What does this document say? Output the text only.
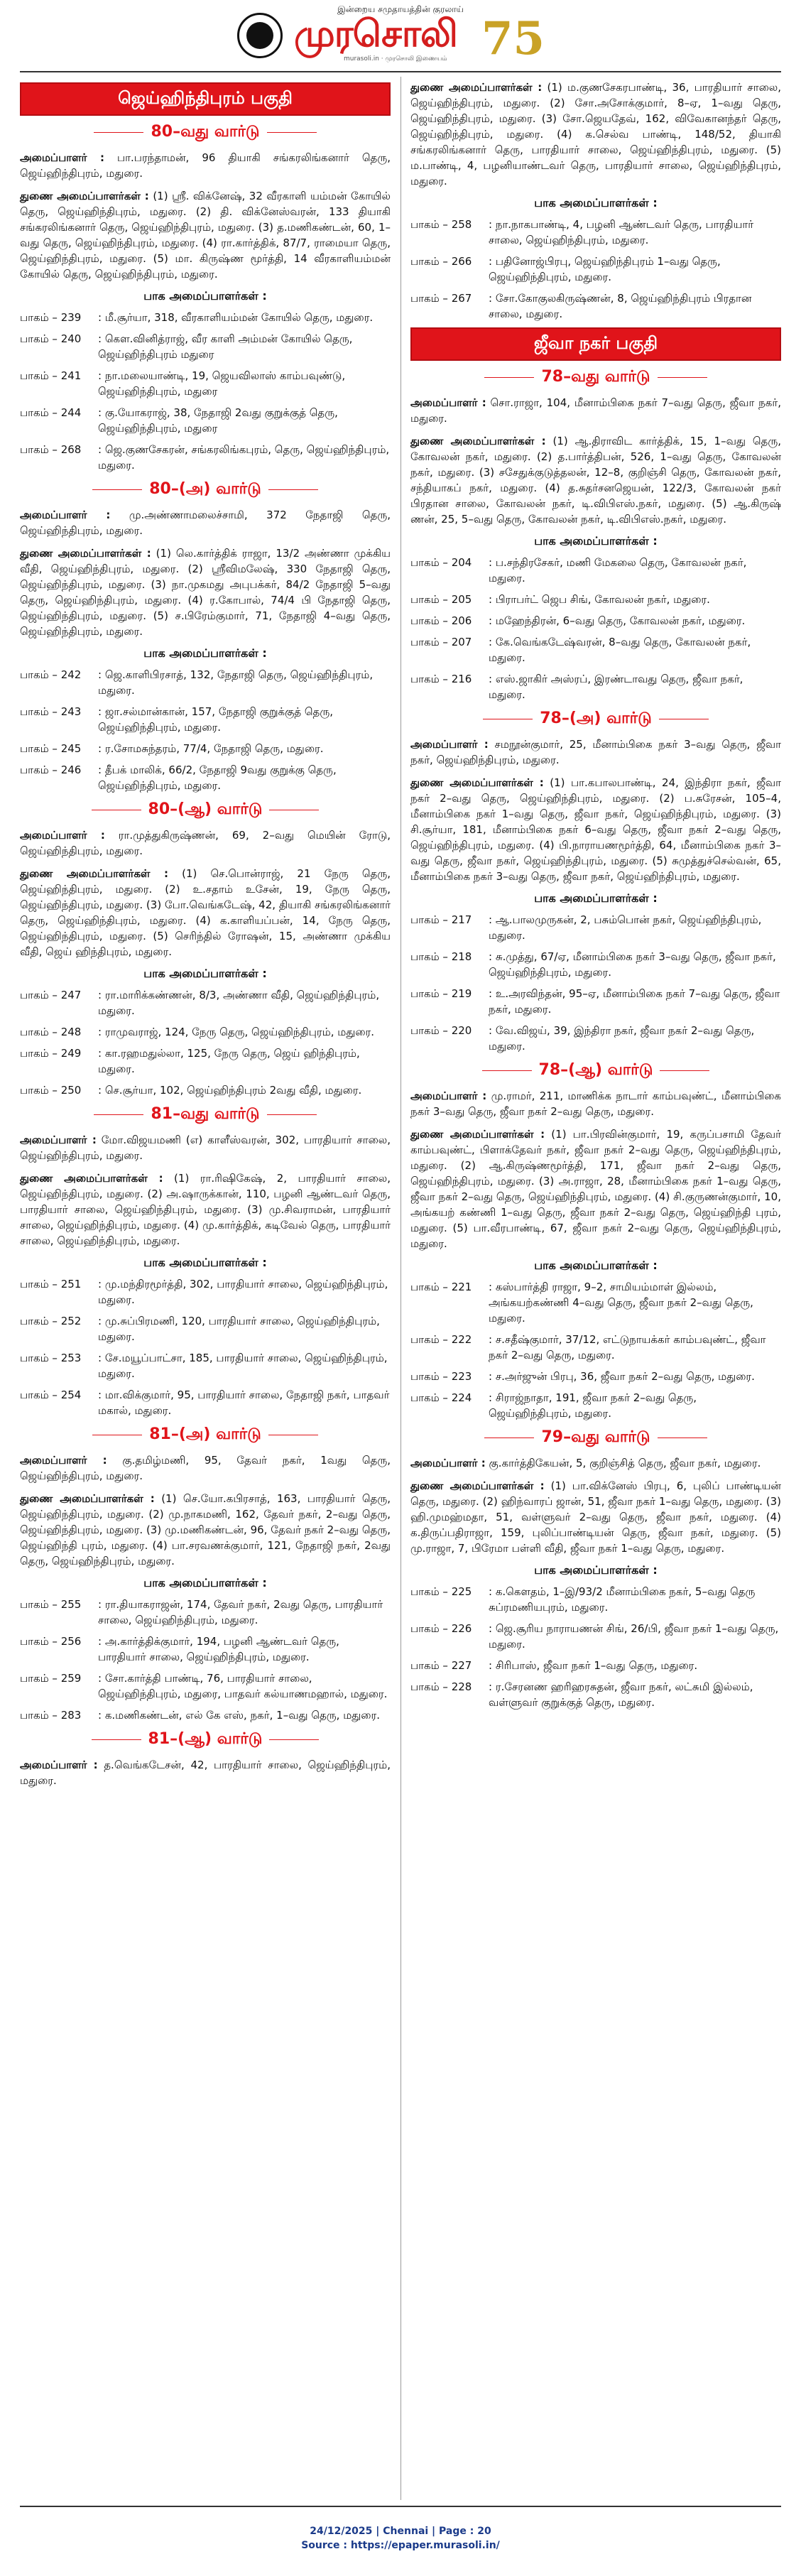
இன்றைய சமுதாயத்தின் குரலாய்
முரசொலி
murasoli.in · முரசொலி இணையம் 75
ஜெய்ஹிந்திபுரம் பகுதி
80–வது வார்டு
அமைப்பாளர் : பா.பரந்தாமன், 96 தியாகி சங்கரலிங்கனார் தெரு, ஜெய்ஹிந்திபுரம், மதுரை.
துணை அமைப்பாளர்கள் : (1) ஸ்ரீ. விக்னேஷ், 32 வீரகாளி யம்மன் கோயில் தெரு, ஜெய்ஹிந்திபுரம், மதுரை. (2) தி. விக்னேஸ்வரன், 133 தியாகி சங்கரலிங்கனார் தெரு, ஜெய்ஹிந்திபுரம், மதுரை. (3) த.மணிகண்டன், 60, 1–வது தெரு, ஜெய்ஹிந்திபுரம், மதுரை. (4) ரா.கார்த்திக், 87/7, ராமையா தெரு, ஜெய்ஹிந்திபுரம், மதுரை. (5) மா. கிருஷ்ண மூர்த்தி, 14 வீரகாளியம்மன் கோயில் தெரு, ஜெய்ஹிந்திபுரம், மதுரை.
பாக அமைப்பாளர்கள் :
பாகம் – 239	: மீ.சூர்யா, 318, வீரகாளியம்மன் கோயில் தெரு, மதுரை.
பாகம் – 240	: கௌ.வினித்ராஜ், வீர காளி அம்மன் கோயில் தெரு, ஜெய்ஹிந்திபுரம் மதுரை
பாகம் – 241	: நா.மலையாண்டி, 19, ஜெயவிலாஸ் காம்பவுண்டு, ஜெய்ஹிந்திபுரம், மதுரை
பாகம் – 244	: கு.யோகராஜ், 38, நேதாஜி 2வது குறுக்குத் தெரு, ஜெய்ஹிந்திபுரம், மதுரை
பாகம் – 268	: ஜெ.குணசேகரன், சங்கரலிங்கபுரம், தெரு, ஜெய்ஹிந்திபுரம், மதுரை.
80–(அ) வார்டு
அமைப்பாளர் : மு.அண்ணாமலைச்சாமி, 372 நேதாஜி தெரு, ஜெய்ஹிந்திபுரம், மதுரை.
துணை அமைப்பாளர்கள் : (1) லெ.கார்த்திக் ராஜா, 13/2 அண்ணா முக்கிய வீதி, ஜெய்ஹிந்திபுரம், மதுரை. (2) ஸ்ரீவிமலேஷ், 330 நேதாஜி தெரு, ஜெய்ஹிந்திபுரம், மதுரை. (3) நா.முகமது அபுபக்கர், 84/2 நேதாஜி 5–வது தெரு, ஜெய்ஹிந்திபுரம், மதுரை. (4) ர.கோபால், 74/4 பி நேதாஜி தெரு, ஜெய்ஹிந்திபுரம், மதுரை. (5) ச.பிரேம்குமார், 71, நேதாஜி 4–வது தெரு, ஜெய்ஹிந்திபுரம், மதுரை.
பாக அமைப்பாளர்கள் :
பாகம் – 242	: ஜெ.காளிபிரசாத், 132, நேதாஜி தெரு, ஜெய்ஹிந்திபுரம், மதுரை.
பாகம் – 243	: ஜா.சல்மான்கான், 157, நேதாஜி குறுக்குத் தெரு, ஜெய்ஹிந்திபுரம், மதுரை.
பாகம் – 245	: ர.சோமசுந்தரம், 77/4, நேதாஜி தெரு, மதுரை.
பாகம் – 246	: தீபக் மாலிக், 66/2, நேதாஜி 9வது குறுக்கு தெரு, ஜெய்ஹிந்திபுரம், மதுரை.
80–(ஆ) வார்டு
அமைப்பாளர் : ரா.முத்துகிருஷ்ணன், 69, 2–வது மெயின் ரோடு, ஜெய்ஹிந்திபுரம், மதுரை.
துணை அமைப்பாளர்கள் : (1) செ.பொன்ராஜ், 21 நேரு தெரு, ஜெய்ஹிந்திபுரம், மதுரை. (2) உ.சதாம் உசேன், 19, நேரு தெரு, ஜெய்ஹிந்திபுரம், மதுரை. (3) போ.வெங்கடேஷ், 42, தியாகி சங்கரலிங்கனார் தெரு, ஜெய்ஹிந்திபுரம், மதுரை. (4) க.காளியப்பன், 14, நேரு தெரு, ஜெய்ஹிந்திபுரம், மதுரை. (5) செரிந்தில் ரோஷன், 15, அண்ணா முக்கிய வீதி, ஜெய் ஹிந்திபுரம், மதுரை.
பாக அமைப்பாளர்கள் :
பாகம் – 247	: ரா.மாரிக்கண்ணன், 8/3, அண்ணா வீதி, ஜெய்ஹிந்திபுரம், மதுரை.
பாகம் – 248	: ராமுவராஜ், 124, நேரு தெரு, ஜெய்ஹிந்திபுரம், மதுரை.
பாகம் – 249	: கா.ரஹமதுல்லா, 125, நேரு தெரு, ஜெய் ஹிந்திபுரம், மதுரை.
பாகம் – 250	: செ.சூர்யா, 102, ஜெய்ஹிந்திபுரம் 2வது வீதி, மதுரை.
81–வது வார்டு
அமைப்பாளர் : மோ.விஜயமணி (எ) காளீஸ்வரன், 302, பாரதியார் சாலை, ஜெய்ஹிந்திபுரம், மதுரை.
துணை அமைப்பாளர்கள் : (1) ரா.ரிஷிகேஷ், 2, பாரதியார் சாலை, ஜெய்ஹிந்திபுரம், மதுரை. (2) அ.ஷாருக்கான், 110, பழனி ஆண்டவர் தெரு, பாரதியார் சாலை, ஜெய்ஹிந்திபுரம், மதுரை. (3) மு.சிவராமன், பாரதியார் சாலை, ஜெய்ஹிந்திபுரம், மதுரை. (4) மு.கார்த்திக், கடிவேல் தெரு, பாரதியார் சாலை, ஜெய்ஹிந்திபுரம், மதுரை.
பாக அமைப்பாளர்கள் :
பாகம் – 251	: மு.மந்திரமூர்த்தி, 302, பாரதியார் சாலை, ஜெய்ஹிந்திபுரம், மதுரை.
பாகம் – 252	: மு.சுப்பிரமணி, 120, பாரதியார் சாலை, ஜெய்ஹிந்திபுரம், மதுரை.
பாகம் – 253	: சே.மயூப்பாட்சா, 185, பாரதியார் சாலை, ஜெய்ஹிந்திபுரம், மதுரை.
பாகம் – 254	: மா.விக்குமார், 95, பாரதியார் சாலை, நேதாஜி நகர், பாதவர் மகால், மதுரை.
81–(அ) வார்டு
அமைப்பாளர் : கு.தமிழ்மணி, 95, தேவர் நகர், 1வது தெரு, ஜெய்ஹிந்திபுரம், மதுரை.
துணை அமைப்பாளர்கள் : (1) செ.யோ.கபிரசாத், 163, பாரதியார் தெரு, ஜெய்ஹிந்திபுரம், மதுரை. (2) மு.நாகமணி, 162, தேவர் நகர், 2–வது தெரு, ஜெய்ஹிந்திபுரம், மதுரை. (3) மு.மணிகண்டன், 96, தேவர் நகர் 2–வது தெரு, ஜெய்ஹிந்தி புரம், மதுரை. (4) பா.சரவணக்குமார், 121, நேதாஜி நகர், 2வது தெரு, ஜெய்ஹிந்திபுரம், மதுரை.
பாக அமைப்பாளர்கள் :
பாகம் – 255	: ரா.தியாகராஜன், 174, தேவர் நகர், 2வது தெரு, பாரதியார் சாலை, ஜெய்ஹிந்திபுரம், மதுரை.
பாகம் – 256	: அ.கார்த்திக்குமார், 194, பழனி ஆண்டவர் தெரு, பாரதியார் சாலை, ஜெய்ஹிந்திபுரம், மதுரை.
பாகம் – 259	: சோ.கார்த்தி பாண்டி, 76, பாரதியார் சாலை, ஜெய்ஹிந்திபுரம், மதுரை, பாதவர் கல்யாணமஹால், மதுரை.
பாகம் – 283	: க.மணிகண்டன், எல் கே எஸ், நகர், 1–வது தெரு, மதுரை.
81–(ஆ) வார்டு
அமைப்பாளர் : த.வெங்கடேசன், 42, பாரதியார் சாலை, ஜெய்ஹிந்திபுரம், மதுரை.
துணை அமைப்பாளர்கள் : (1) ம.குணசேகரபாண்டி, 36, பாரதியார் சாலை, ஜெய்ஹிந்திபுரம், மதுரை. (2) சோ.அசோக்குமார், 8–ஏ, 1–வது தெரு, ஜெய்ஹிந்திபுரம், மதுரை. (3) சோ.ஜெயதேவ், 162, விவேகானந்தர் தெரு, ஜெய்ஹிந்திபுரம், மதுரை. (4) க.செல்வ பாண்டி, 148/52, தியாகி சங்கரலிங்கனார் தெரு, பாரதியார் சாலை, ஜெய்ஹிந்திபுரம், மதுரை. (5) ம.பாண்டி, 4, பழனியாண்டவர் தெரு, பாரதியார் சாலை, ஜெய்ஹிந்திபுரம், மதுரை.
பாக அமைப்பாளர்கள் :
பாகம் – 258	: நா.நாகபாண்டி, 4, பழனி ஆண்டவர் தெரு, பாரதியார் சாலை, ஜெய்ஹிந்திபுரம், மதுரை.
பாகம் – 266	: பதினோஜ்பிரபு, ஜெய்ஹிந்திபுரம் 1–வது தெரு, ஜெய்ஹிந்திபுரம், மதுரை.
பாகம் – 267	: சோ.கோகுலகிருஷ்ணன், 8, ஜெய்ஹிந்திபுரம் பிரதான சாலை, மதுரை.
ஜீவா நகர் பகுதி
78–வது வார்டு
அமைப்பாளர் : சொ.ராஜா, 104, மீனாம்பிகை நகர் 7–வது தெரு, ஜீவா நகர், மதுரை.
துணை அமைப்பாளர்கள் : (1) ஆ.திராவிட கார்த்திக், 15, 1–வது தெரு, கோவலன் நகர், மதுரை. (2) த.பார்த்திபன், 526, 1–வது தெரு, கோவலன் நகர், மதுரை. (3) சசேதுக்குடுத்தலன், 12–8, குறிஞ்சி தெரு, கோவலன் நகர், சந்தியாகப் நகர், மதுரை. (4) த.சுதர்சனஜெயன், 122/3, கோவலன் நகர் பிரதான சாலை, கோவலன் நகர், டி.விபிஎஸ்.நகர், மதுரை. (5) ஆ.கிருஷ் ணன், 25, 5–வது தெரு, கோவலன் நகர், டி.விபிஎஸ்.நகர், மதுரை.
பாக அமைப்பாளர்கள் :
பாகம் – 204	: ப.சந்திரசேகர், மணி மேகலை தெரு, கோவலன் நகர், மதுரை.
பாகம் – 205	: பிராபர்ட் ஜெப சிங், கோவலன் நகர், மதுரை.
பாகம் – 206	: மஹேந்திரன், 6–வது தெரு, கோவலன் நகர், மதுரை.
பாகம் – 207	: கே.வெங்கடேஷ்வரன், 8–வது தெரு, கோவலன் நகர், மதுரை.
பாகம் – 216	: எஸ்.ஜாகிர் அஸ்ரப், இரண்டாவது தெரு, ஜீவா நகர், மதுரை.
78–(அ) வார்டு
அமைப்பாளர் : சமநூன்குமார், 25, மீனாம்பிகை நகர் 3–வது தெரு, ஜீவா நகர், ஜெய்ஹிந்திபுரம், மதுரை.
துணை அமைப்பாளர்கள் : (1) பா.கபாலபாண்டி, 24, இந்திரா நகர், ஜீவா நகர் 2–வது தெரு, ஜெய்ஹிந்திபுரம், மதுரை. (2) ப.சுரேசன், 105–4, மீனாம்பிகை நகர் 1–வது தெரு, ஜீவா நகர், ஜெய்ஹிந்திபுரம், மதுரை. (3) சி.சூர்யா, 181, மீனாம்பிகை நகர் 6–வது தெரு, ஜீவா நகர் 2–வது தெரு, ஜெய்ஹிந்திபுரம், மதுரை. (4) பி.நாராயணமூர்த்தி, 64, மீனாம்பிகை நகர் 3–வது தெரு, ஜீவா நகர், ஜெய்ஹிந்திபுரம், மதுரை. (5) சுமுத்துச்செல்வன், 65, மீனாம்பிகை நகர் 3–வது தெரு, ஜீவா நகர், ஜெய்ஹிந்திபுரம், மதுரை.
பாக அமைப்பாளர்கள் :
பாகம் – 217	: ஆ.பாலமுருகன், 2, பசும்பொன் நகர், ஜெய்ஹிந்திபுரம், மதுரை.
பாகம் – 218	: சு.முத்து, 67/ஏ, மீனாம்பிகை நகர் 3–வது தெரு, ஜீவா நகர், ஜெய்ஹிந்திபுரம், மதுரை.
பாகம் – 219	: உ.அரவிந்தன், 95–ஏ, மீனாம்பிகை நகர் 7–வது தெரு, ஜீவா நகர், மதுரை.
பாகம் – 220	: வே.விஜய், 39, இந்திரா நகர், ஜீவா நகர் 2–வது தெரு, மதுரை.
78–(ஆ) வார்டு
அமைப்பாளர் : மு.ராமர், 211, மாணிக்க நாடார் காம்பவுண்ட், மீனாம்பிகை நகர் 3–வது தெரு, ஜீவா நகர் 2–வது தெரு, மதுரை.
துணை அமைப்பாளர்கள் : (1) பா.பிரவின்குமார், 19, கருப்பசாமி தேவர் காம்பவுண்ட், பிளாக்தேவர் நகர், ஜீவா நகர் 2–வது தெரு, ஜெய்ஹிந்திபுரம், மதுரை. (2) ஆ.கிருஷ்ணமூர்த்தி, 171, ஜீவா நகர் 2–வது தெரு, ஜெய்ஹிந்திபுரம், மதுரை. (3) அ.ராஜா, 28, மீனாம்பிகை நகர் 1–வது தெரு, ஜீவா நகர் 2–வது தெரு, ஜெய்ஹிந்திபுரம், மதுரை. (4) சி.குருணன்குமார், 10, அங்கயற் கண்ணி 1–வது தெரு, ஜீவா நகர் 2–வது தெரு, ஜெய்ஹிந்தி புரம், மதுரை. (5) பா.வீரபாண்டி, 67, ஜீவா நகர் 2–வது தெரு, ஜெய்ஹிந்திபுரம், மதுரை.
பாக அமைப்பாளர்கள் :
பாகம் – 221	: கஸ்பார்த்தி ராஜா, 9–2, சாமியம்மாள் இல்லம், அங்கயற்கண்ணி 4–வது தெரு, ஜீவா நகர் 2–வது தெரு, மதுரை.
பாகம் – 222	: ச.சதீஷ்குமார், 37/12, எட்டுநாயக்கர் காம்பவுண்ட், ஜீவா நகர் 2–வது தெரு, மதுரை.
பாகம் – 223	: ச.அர்ஜுன் பிரபு, 36, ஜீவா நகர் 2–வது தெரு, மதுரை.
பாகம் – 224	: சிராஜ்நாதா, 191, ஜீவா நகர் 2–வது தெரு, ஜெய்ஹிந்திபுரம், மதுரை.
79–வது வார்டு
அமைப்பாளர் : கு.கார்த்திகேயன், 5, குறிஞ்சித் தெரு, ஜீவா நகர், மதுரை.
துணை அமைப்பாளர்கள் : (1) பா.விக்னேஸ் பிரபு, 6, புலிப் பாண்டியன் தெரு, மதுரை. (2) ஹிந்வாரப் ஜான், 51, ஜீவா நகர் 1–வது தெரு, மதுரை. (3) ஹி.முமஹ்மதா, 51, வள்ளுவர் 2–வது தெரு, ஜீவா நகர், மதுரை. (4) க.திருப்பதிராஜா, 159, புலிப்பாண்டியன் தெரு, ஜீவா நகர், மதுரை. (5) மு.ராஜா, 7, பிரேமா பள்ளி வீதி, ஜீவா நகர் 1–வது தெரு, மதுரை.
பாக அமைப்பாளர்கள் :
பாகம் – 225	: க.கௌதம், 1–இ/93/2 மீனாம்பிகை நகர், 5–வது தெரு சுப்ரமணியபுரம், மதுரை.
பாகம் – 226	: ஜெ.சூரிய நாராயணன் சிங், 26/பி, ஜீவா நகர் 1–வது தெரு, மதுரை.
பாகம் – 227	: சிரிபாஸ், ஜீவா நகர் 1–வது தெரு, மதுரை.
பாகம் – 228	: ர.சேரனண ஹரிஹரசுதன், ஜீவா நகர், லட்சுமி இல்லம், வள்ளுவர் குறுக்குத் தெரு, மதுரை.
24/12/2025 | Chennai | Page : 20
Source : https://epaper.murasoli.in/
